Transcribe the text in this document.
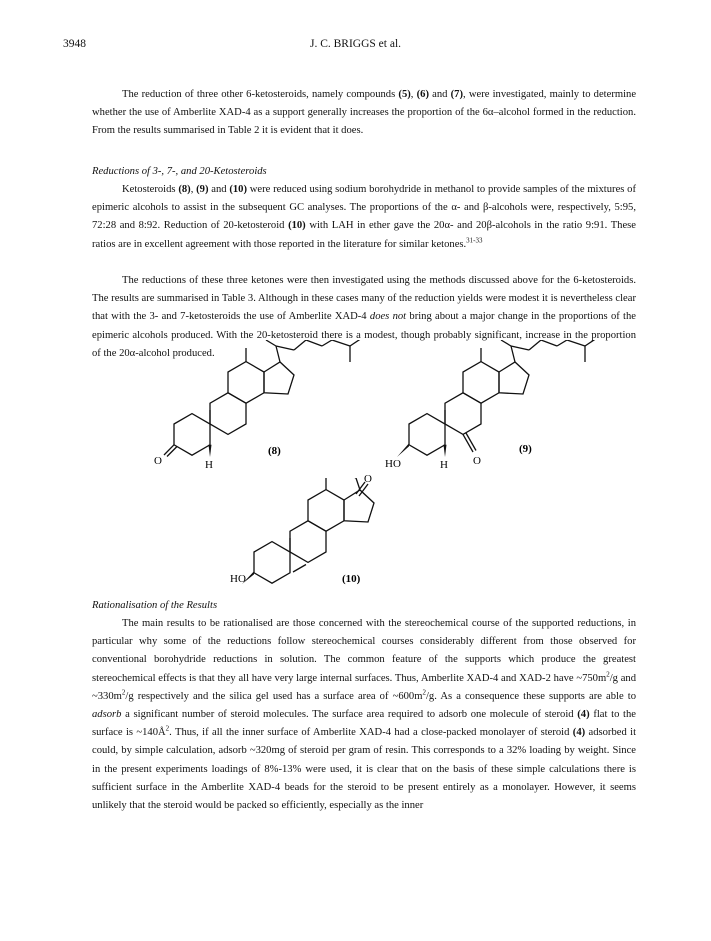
3948	J. C. BRIGGS et al.

The reduction of three other 6-ketosteroids, namely compounds (5), (6) and (7), were investigated, mainly to determine whether the use of Amberlite XAD-4 as a support generally increases the proportion of the 6α–alcohol formed in the reduction. From the results summarised in Table 2 it is evident that it does.

Reductions of 3-, 7-, and 20-Ketosteroids

Ketosteroids (8), (9) and (10) were reduced using sodium borohydride in methanol to provide samples of the mixtures of epimeric alcohols to assist in the subsequent GC analyses. The proportions of the α- and β-alcohols were, respectively, 5:95, 72:28 and 8:92. Reduction of 20-ketosteroid (10) with LAH in ether gave the 20α- and 20β-alcohols in the ratio 9:91. These ratios are in excellent agreement with those reported in the literature for similar ketones.$^{31-33}$

The reductions of these three ketones were then investigated using the methods discussed above for the 6-ketosteroids. The results are summarised in Table 3. Although in these cases many of the reduction yields were modest it is nevertheless clear that with the 3- and 7-ketosteroids the use of Amberlite XAD-4 does not bring about a major change in the proportions of the epimeric alcohols produced. With the 20-ketosteroid there is a modest, though probably significant, increase in the proportion of the 20α-alcohol produced.

O	H
(8)
HO	H O
(9)
HO	(10)
O
Rationalisation of the Results

The main results to be rationalised are those concerned with the stereochemical course of the supported reductions, in particular why some of the reductions follow stereochemical courses considerably different from those observed for conventional borohydride reductions in solution. The common feature of the supports which produce the greatest stereochemical effects is that they all have very large internal surfaces. Thus, Amberlite XAD-4 and XAD-2 have $\sim 750m^2/g$ and $\sim 330m^2/g$ respectively and the silica gel used has a surface area of $\sim 600m^2/g$. As a consequence these supports are able to adsorb a significant number of steroid molecules. The surface area required to adsorb one molecule of steroid (4) flat to the surface is $\sim 140Å^2$. Thus, if all the inner surface of Amberlite XAD-4 had a close-packed monolayer of steroid (4) adsorbed it could, by simple calculation, adsorb ~320mg of steroid per gram of resin. This corresponds to a 32% loading by weight. Since in the present experiments loadings of 8%-13% were used, it is clear that on the basis of these simple calculations there is sufficient surface in the Amberlite XAD-4 beads for the steroid to be present entirely as a monolayer. However, it seems unlikely that the steroid would be packed so efficiently, especially as the inner
